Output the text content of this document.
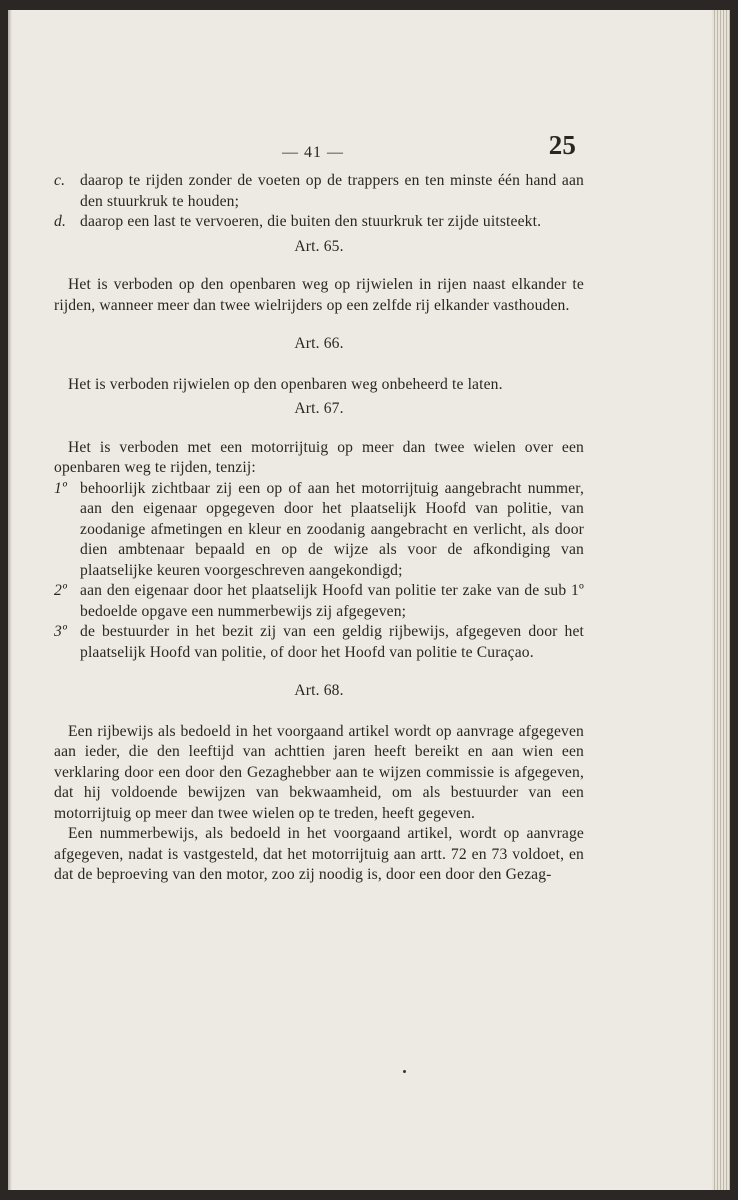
— 41 —	25
c. daarop te rijden zonder de voeten op de trappers en ten minste één hand aan den stuurkruk te houden;
d. daarop een last te vervoeren, die buiten den stuurkruk ter zijde uitsteekt.
Art. 65.

Het is verboden op den openbaren weg op rijwielen in rijen naast elkander te rijden, wanneer meer dan twee wielrijders op een zelfde rij elkander vasthouden.

Art. 66.

Het is verboden rijwielen op den openbaren weg onbeheerd te laten.

Art. 67.

Het is verboden met een motorrijtuig op meer dan twee wielen over een openbaren weg te rijden, tenzij:

1º behoorlijk zichtbaar zij een op of aan het motorrijtuig aangebracht nummer, aan den eigenaar opgegeven door het plaatselijk Hoofd van politie, van zoodanige afmetingen en kleur en zoodanig aangebracht en verlicht, als door dien ambtenaar bepaald en op de wijze als voor de afkondiging van plaatselijke keuren voorgeschreven aangekondigd;
2º aan den eigenaar door het plaatselijk Hoofd van politie ter zake van de sub 1º bedoelde opgave een nummerbewijs zij afgegeven;
3º de bestuurder in het bezit zij van een geldig rijbewijs, afgegeven door het plaatselijk Hoofd van politie, of door het Hoofd van politie te Curaçao.
Art. 68.

Een rijbewijs als bedoeld in het voorgaand artikel wordt op aanvrage afgegeven aan ieder, die den leeftijd van achttien jaren heeft bereikt en aan wien een verklaring door een door den Gezaghebber aan te wijzen commissie is afgegeven, dat hij voldoende bewijzen van bekwaamheid, om als bestuurder van een motorrijtuig op meer dan twee wielen op te treden, heeft gegeven.

Een nummerbewijs, als bedoeld in het voorgaand artikel, wordt op aanvrage afgegeven, nadat is vastgesteld, dat het motorrijtuig aan artt. 72 en 73 voldoet, en dat de beproeving van den motor, zoo zij noodig is, door een door den Gezag-
